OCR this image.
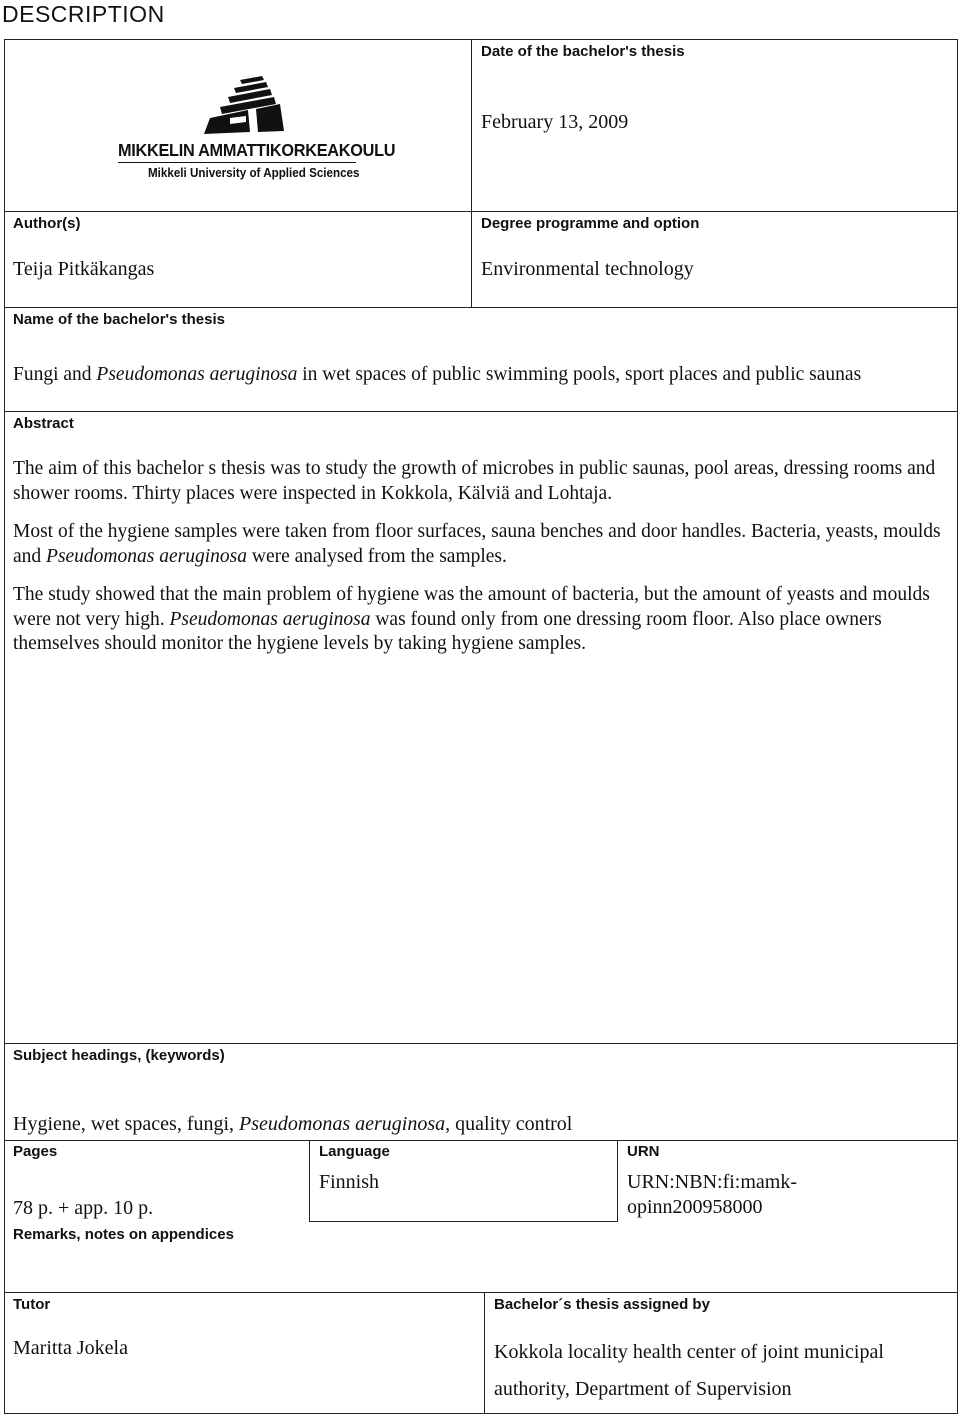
DESCRIPTION
MIKKELIN AMMATTIKORKEAKOULU
Mikkeli University of Applied Sciences
Date of the bachelor's thesis
February 13, 2009
Author(s)
Teija Pitkäkangas
Degree programme and option
Environmental technology
Name of the bachelor's thesis
Fungi and Pseudomonas aeruginosa in wet spaces of public swimming pools, sport places and public saunas
Abstract

The aim of this bachelor s thesis was to study the growth of microbes in public saunas, pool areas, dressing rooms and shower rooms. Thirty places were inspected in Kokkola, Kälviä and Lohtaja.

Most of the hygiene samples were taken from floor surfaces, sauna benches and door handles. Bacteria, yeasts, moulds and Pseudomonas aeruginosa were analysed from the samples.

The study showed that the main problem of hygiene was the amount of bacteria, but the amount of yeasts and moulds were not very high. Pseudomonas aeruginosa was found only from one dressing room floor. Also place owners themselves should monitor the hygiene levels by taking hygiene samples.

Subject headings, (keywords)
Hygiene, wet spaces, fungi, Pseudomonas aeruginosa, quality control
Pages
78 p. + app. 10 p.
Language
Finnish
URN
URN:NBN:fi:mamk-
opinn200958000
Remarks, notes on appendices
Tutor
Maritta Jokela
Bachelor´s thesis assigned by
Kokkola locality health center of joint municipal
authority, Department of Supervision
